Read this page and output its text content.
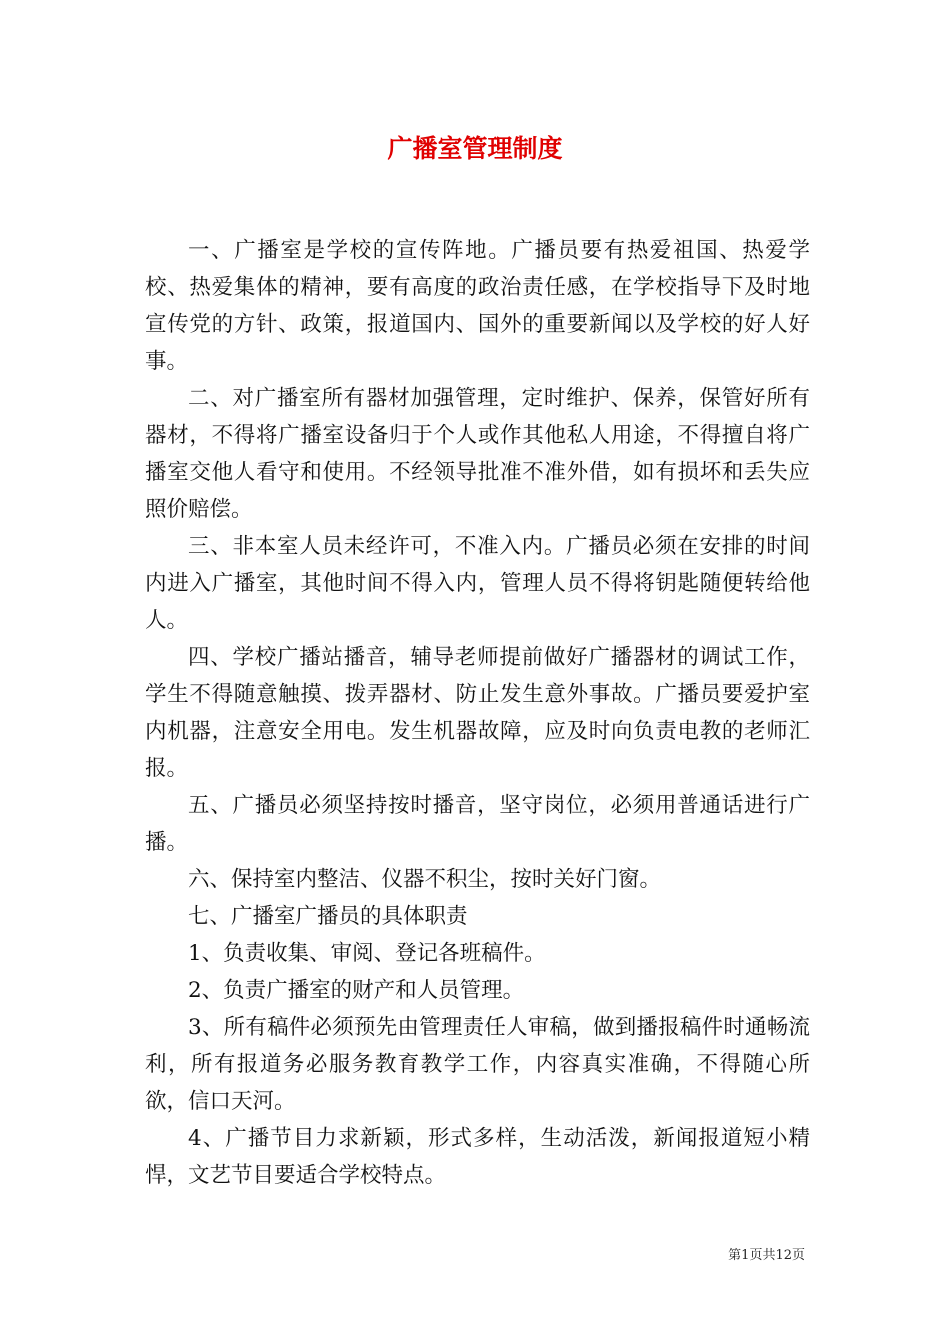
广播室管理制度

一、广播室是学校的宣传阵地。广播员要有热爱祖国、热爱学校、热爱集体的精神，要有高度的政治责任感，在学校指导下及时地宣传党的方针、政策，报道国内、国外的重要新闻以及学校的好人好事。

二、对广播室所有器材加强管理，定时维护、保养，保管好所有器材，不得将广播室设备归于个人或作其他私人用途，不得擅自将广播室交他人看守和使用。不经领导批准不准外借，如有损坏和丢失应照价赔偿。

三、非本室人员未经许可，不准入内。广播员必须在安排的时间内进入广播室，其他时间不得入内，管理人员不得将钥匙随便转给他人。

四、学校广播站播音，辅导老师提前做好广播器材的调试工作，学生不得随意触摸、拨弄器材、防止发生意外事故。广播员要爱护室内机器，注意安全用电。发生机器故障，应及时向负责电教的老师汇报。

五、广播员必须坚持按时播音，坚守岗位，必须用普通话进行广播。

六、保持室内整洁、仪器不积尘，按时关好门窗。

七、广播室广播员的具体职责

1、负责收集、审阅、登记各班稿件。

2、负责广播室的财产和人员管理。

3、所有稿件必须预先由管理责任人审稿，做到播报稿件时通畅流利，所有报道务必服务教育教学工作，内容真实准确，不得随心所欲，信口天河。

4、广播节目力求新颖，形式多样，生动活泼，新闻报道短小精悍，文艺节目要适合学校特点。

第1页共12页
